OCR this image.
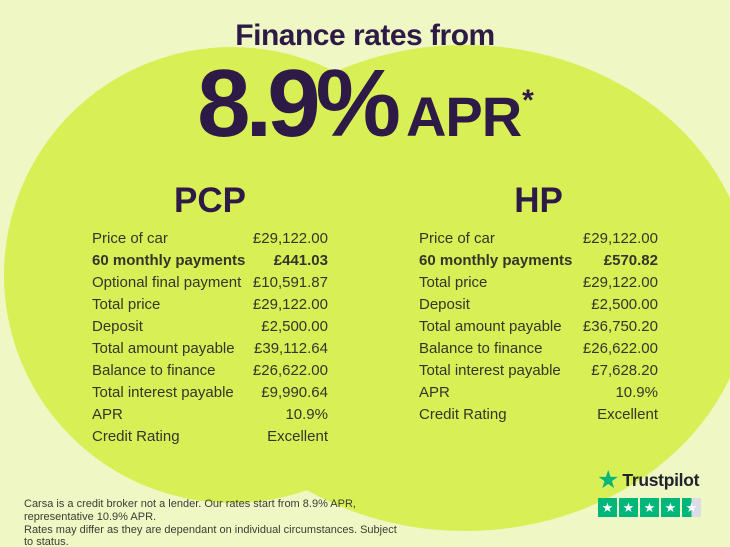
Finance rates from
8.9% APR*
PCP
Price of car	£29,122.00
60 monthly payments £441.03
Optional final payment £10,591.87
Total price	£29,122.00
Deposit	£2,500.00
Total amount payable £39,112.64
Balance to finance	£26,622.00
Total interest payable £9,990.64
APR	10.9%
Credit Rating	Excellent
HP
Price of car	£29,122.00
60 monthly payments £570.82
Total price	£29,122.00
Deposit	£2,500.00
Total amount payable £36,750.20
Balance to finance	£26,622.00
Total interest payable £7,628.20
APR	10.9%
Credit Rating	Excellent
Carsa is a credit broker not a lender. Our rates start from 8.9% APR, representative 10.9% APR.
Rates may differ as they are dependant on individual circumstances. Subject to status.
★ Trustpilot
★ ★ ★ ★ ★
